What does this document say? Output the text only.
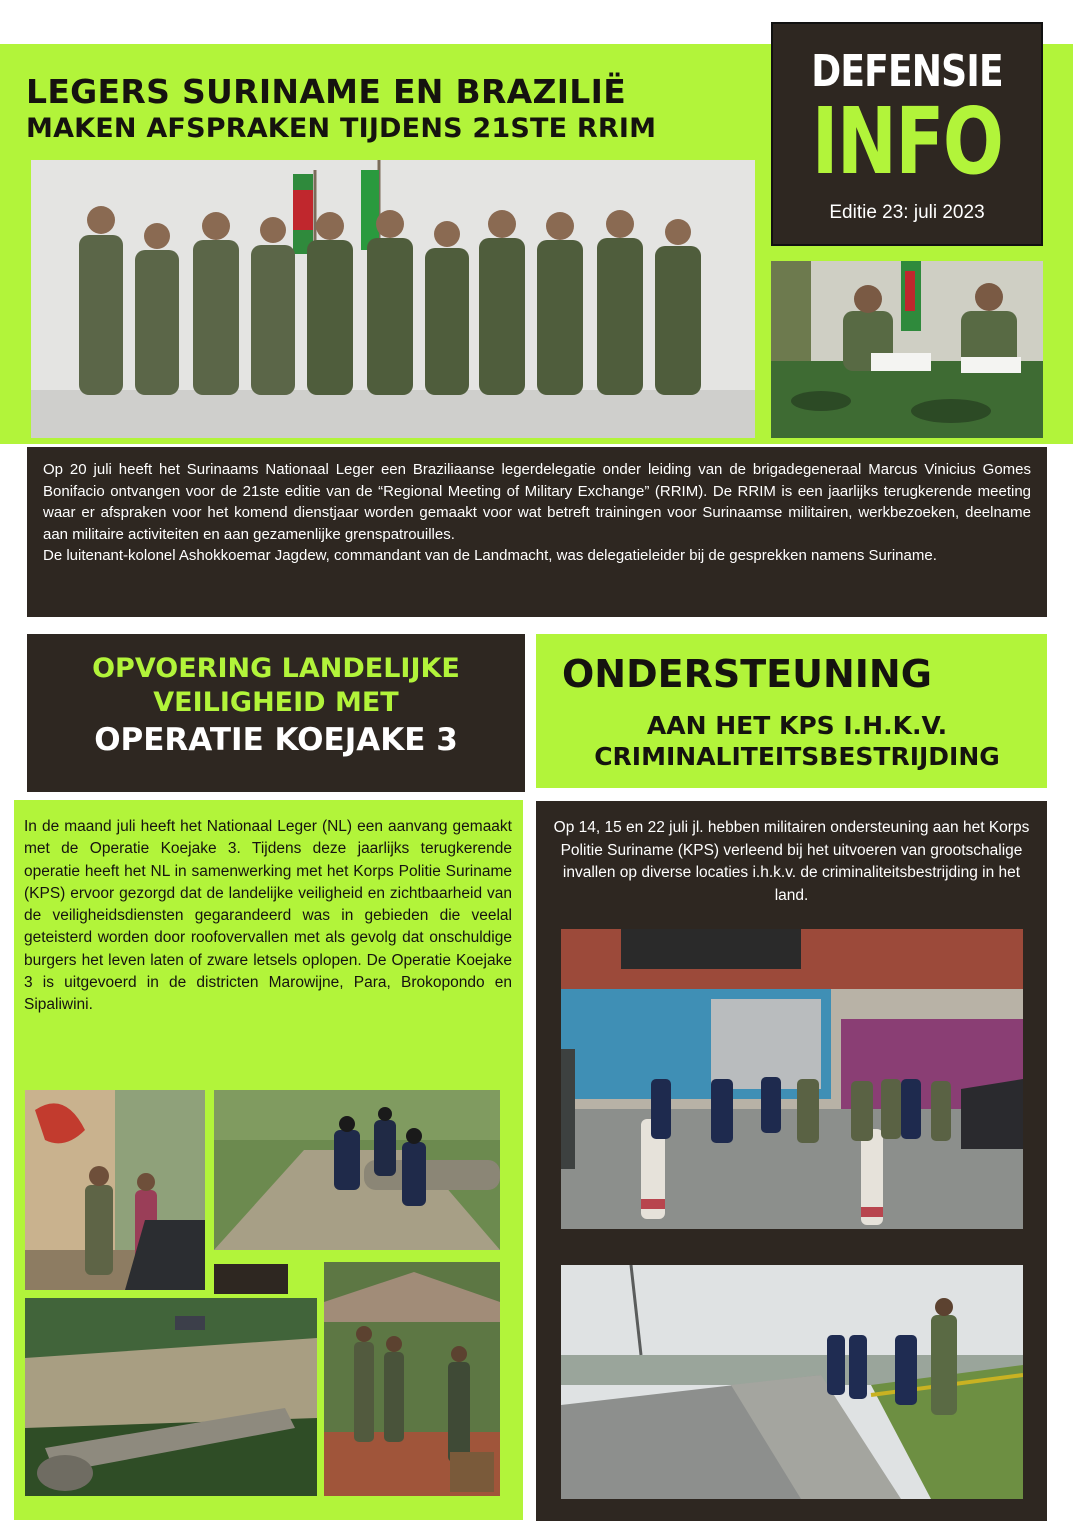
LEGERS SURINAME EN BRAZILIË
MAKEN AFSPRAKEN TIJDENS 21STE RRIM
DEFENSIE
INFO
Editie 23: juli 2023

Op 20 juli heeft het Surinaams Nationaal Leger een Braziliaanse legerdelegatie onder leiding van de brigadegeneraal Marcus Vinicius Gomes Bonifacio ontvangen voor de 21ste editie van de “Regional Meeting of Military Exchange” (RRIM). De RRIM is een jaarlijks terugkerende meeting waar er afspraken voor het komend dienstjaar worden gemaakt voor wat betreft trainingen voor Surinaamse militairen, werkbezoeken, deelname aan militaire activiteiten en aan gezamenlijke grenspatrouilles.

De luitenant-kolonel Ashokkoemar Jagdew, commandant van de Landmacht, was delegatieleider bij de gesprekken namens Suriname.

OPVOERING LANDELIJKE
VEILIGHEID MET
OPERATIE KOEJAKE 3
ONDERSTEUNING
AAN HET KPS I.H.K.V.
CRIMINALITEITSBESTRIJDING
In de maand juli heeft het Nationaal Leger (NL) een aanvang gemaakt met de Operatie Koejake 3. Tijdens deze jaarlijks terugkerende operatie heeft het NL in samenwerking met het Korps Politie Suriname (KPS) ervoor gezorgd dat de landelijke veiligheid en zichtbaarheid van de veiligheidsdiensten gegarandeerd was in gebieden die veelal geteisterd worden door roofovervallen met als gevolg dat onschuldige burgers het leven laten of zware letsels oplopen. De Operatie Koejake 3 is uitgevoerd in de districten Marowijne, Para, Brokopondo en Sipaliwini.
Op 14, 15 en 22 juli jl. hebben militairen ondersteuning aan het Korps Politie Suriname (KPS) verleend bij het uitvoeren van grootschalige invallen op diverse locaties i.h.k.v. de criminaliteitsbestrijding in het land.
